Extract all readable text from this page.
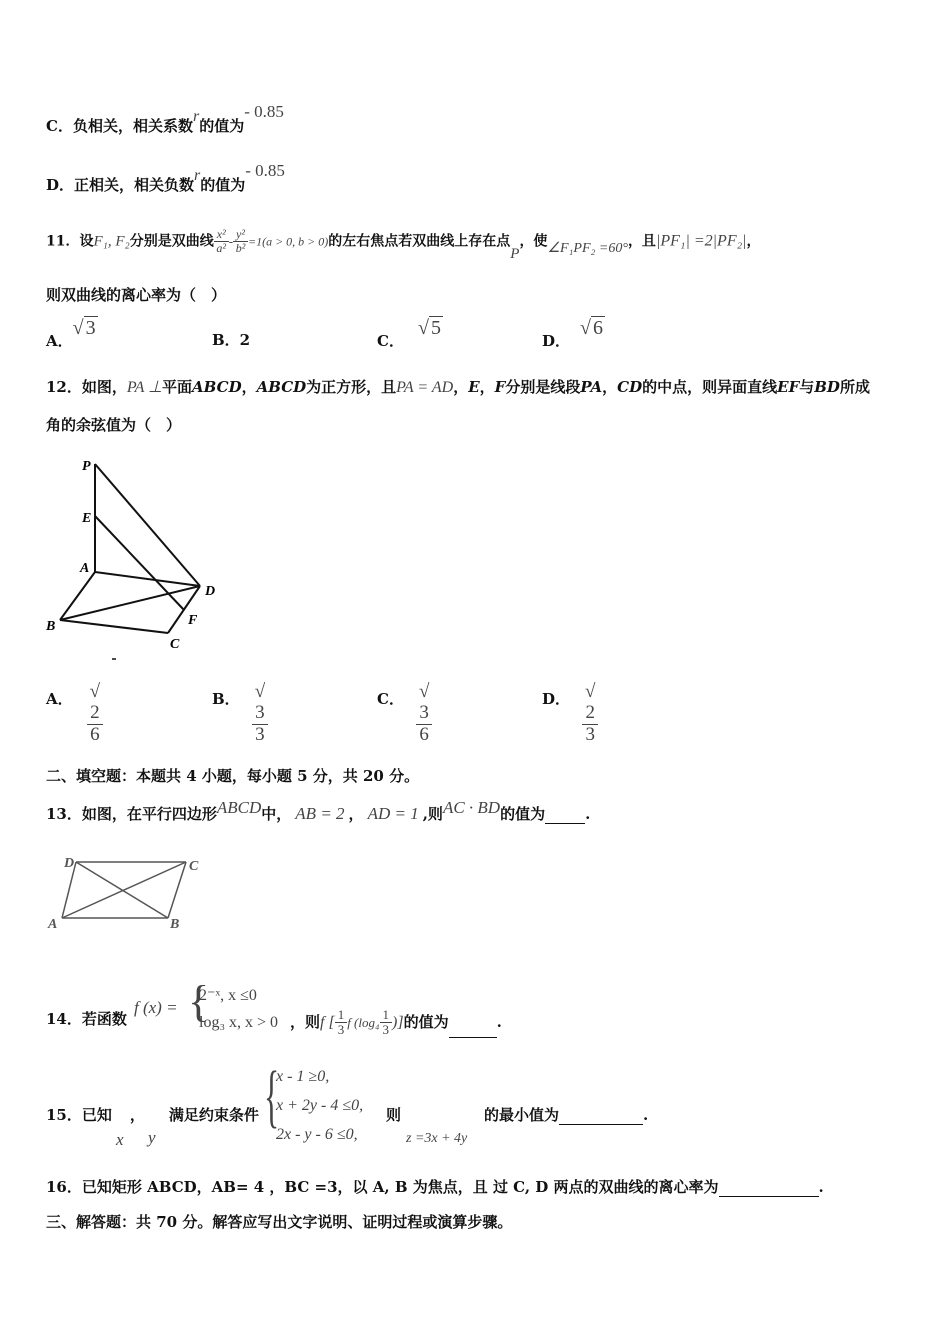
C．负相关，相关系数r的值为- 0.85
D．正相关，相关负数r的值为- 0.85
11．设F₁, F₂分别是双曲线 $\frac{\text{x²}}{\text{a²}} - \frac{\text{y²}}{\text{b²}} =1(a > 0$, b > 0)的左右焦点若双曲线上存在点P，使∠F₁PF₂ =60°，且|PF₁| =2|PF₂|，
则双曲线的离心率为（　）
A．√ 3
B．2	C．√ 5
D．√ 6
12．如图，PA ⊥平面ABCD，ABCD为正方形，且PA = AD，E，F分别是线段PA，CD的中点，则异面直线EF与BD所成
角的余弦值为（　）
P
E
A
D
B	F
C
A． √
2
6	B． √
3
3	C． √
3
6	D． √
2
3
二、填空题：本题共 4 小题，每小题 5 分，共 20 分。
13．如图，在平行四边形ABCD中， AB = 2 ， AD = 1 ,则AC · BD的值为	.
D	C
A	B
14．若函数
f (x) = {
2⁻ˣ, x ≤0
log₃ x, x > 0 ，则f [ $\frac{1}{3}$ f ($\log_4 \frac{1}{3}$ )]的值为	.
15．已知 ， 满足约束条件
x y
{
x - 1 ≥0,
x + 2y - 4 ≤0,
2x - y - 6 ≤0,
则
z =3x + 4y
的最小值为	.
16．已知矩形 ABCD，AB= 4 ，BC =3，以 A, B 为焦点，且 过 C, D 两点的双曲线的离心率为	.
三、解答题：共 70 分。解答应写出文字说明、证明过程或演算步骤。
